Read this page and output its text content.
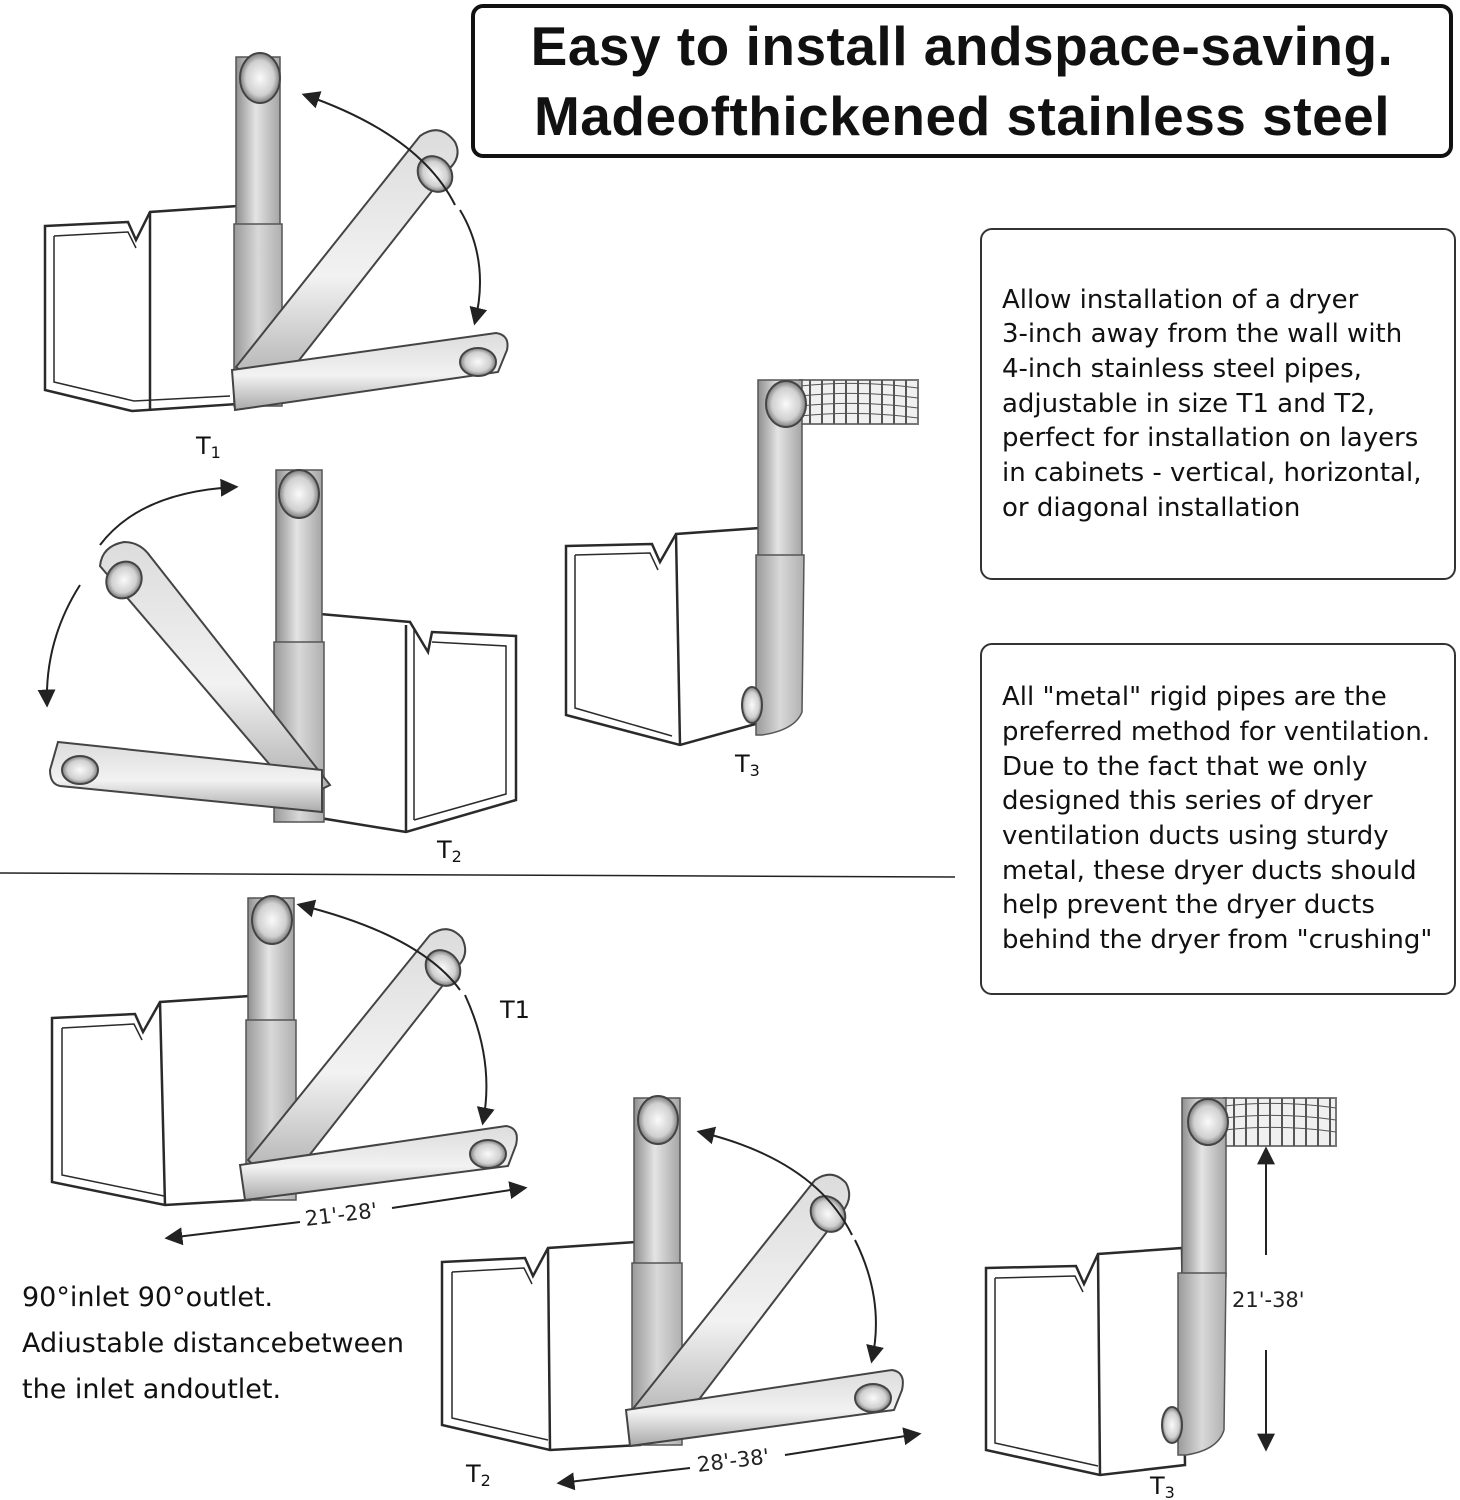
Easy to install andspace-saving.
Madeofthickened stainless steel
Allow installation of a dryer
3-inch away from the wall with
4-inch stainless steel pipes,
adjustable in size T1 and T2,
perfect for installation on layers
in cabinets - vertical, horizontal,
or diagonal installation
All "metal" rigid pipes are the
preferred method for ventilation.
Due to the fact that we only
designed this series of dryer
ventilation ducts using sturdy
metal, these dryer ducts should
help prevent the dryer ducts
behind the dryer from "crushing"
90°inlet 90°outlet.
Adiustable distancebetween
the inlet andoutlet.
T1
T2
T3
21'-28'
T1
28'-38'
T2
21'-38'
T3
